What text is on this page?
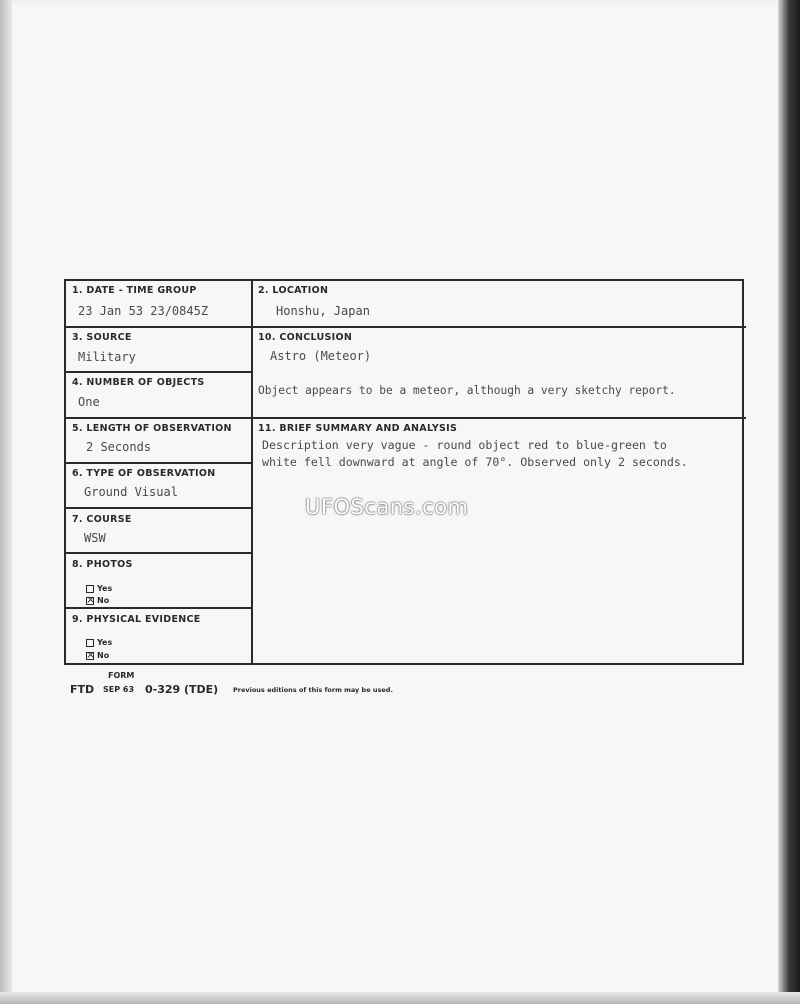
1. DATE - TIME GROUP
23 Jan 53 23/0845Z
2. LOCATION
Honshu, Japan
3. SOURCE
Military
10. CONCLUSION
Astro (Meteor)
Object appears to be a meteor, although a very sketchy report.
4. NUMBER OF OBJECTS
One
5. LENGTH OF OBSERVATION
2 Seconds
11. BRIEF SUMMARY AND ANALYSIS
Description very vague - round object red to blue-green to
white fell downward at angle of 70°. Observed only 2 seconds.
6. TYPE OF OBSERVATION
Ground Visual
7. COURSE
WSW
8. PHOTOS
Yes
×No
9. PHYSICAL EVIDENCE
Yes
×No
FORM
FTD SEP 63 0-329 (TDE) Previous editions of this form may be used.
UFOScans.com
